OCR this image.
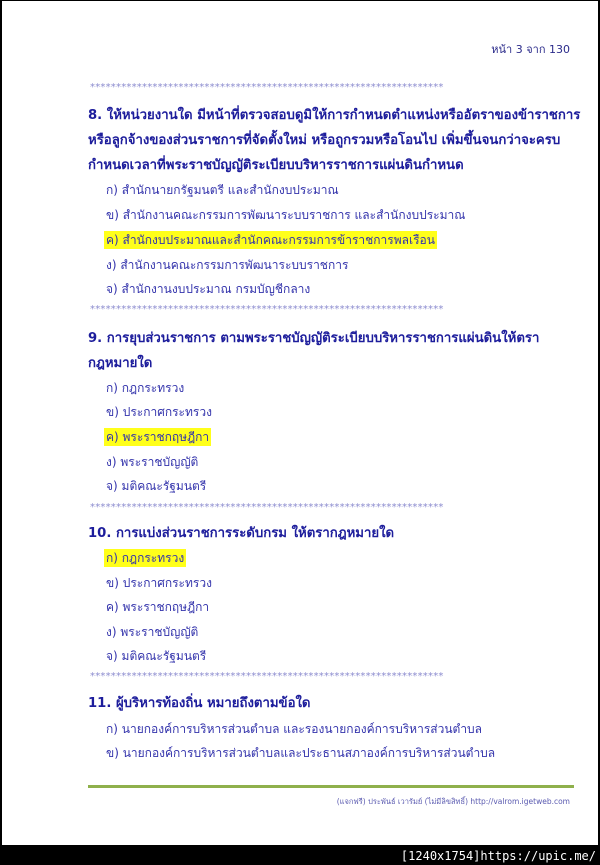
หน้า 3 จาก 130
********************************************************************
8. ให้หน่วยงานใด มีหน้าที่ตรวจสอบดูมิให้การกำหนดตำแหน่งหรืออัตราของข้าราชการ
หรือลูกจ้างของส่วนราชการที่จัดตั้งใหม่ หรือถูกรวมหรือโอนไป เพิ่มขึ้นจนกว่าจะครบ
กำหนดเวลาที่พระราชบัญญัติระเบียบบริหารราชการแผ่นดินกำหนด
ก) สำนักนายกรัฐมนตรี และสำนักงบประมาณ
ข) สำนักงานคณะกรรมการพัฒนาระบบราชการ และสำนักงบประมาณ
ค) สำนักงบประมาณและสำนักคณะกรรมการข้าราชการพลเรือน
ง) สำนักงานคณะกรรมการพัฒนาระบบราชการ
จ) สำนักงานงบประมาณ กรมบัญชีกลาง
********************************************************************
9. การยุบส่วนราชการ ตามพระราชบัญญัติระเบียบบริหารราชการแผ่นดินให้ตรา
กฎหมายใด
ก) กฎกระทรวง
ข) ประกาศกระทรวง
ค) พระราชกฤษฎีกา
ง) พระราชบัญญัติ
จ) มติคณะรัฐมนตรี
********************************************************************
10. การแบ่งส่วนราชการระดับกรม ให้ตรากฎหมายใด
ก) กฎกระทรวง
ข) ประกาศกระทรวง
ค) พระราชกฤษฎีกา
ง) พระราชบัญญัติ
จ) มติคณะรัฐมนตรี
********************************************************************
11. ผู้บริหารท้องถิ่น หมายถึงตามข้อใด
ก) นายกองค์การบริหารส่วนตำบล และรองนายกองค์การบริหารส่วนตำบล
ข) นายกองค์การบริหารส่วนตำบลและประธานสภาองค์การบริหารส่วนตำบล
(แจกฟรี) ประพันธ์ เวารัมย์ (ไม่มีลิขสิทธิ์) http://valrom.igetweb.com
[1240x1754]https://upic.me/
